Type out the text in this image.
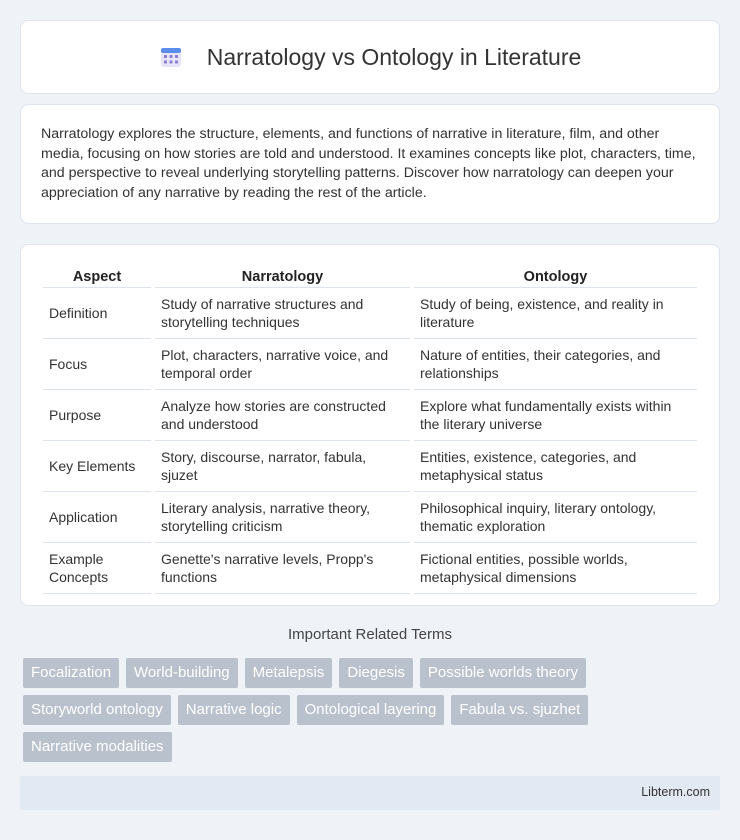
Narratology vs Ontology in Literature

Narratology explores the structure, elements, and functions of narrative in literature, film, and other media, focusing on how stories are told and understood. It examines concepts like plot, characters, time, and perspective to reveal underlying storytelling patterns. Discover how narratology can deepen your appreciation of any narrative by reading the rest of the article.

Aspect	Narratology	Ontology
Definition	Study of narrative structures and storytelling techniques	Study of being, existence, and reality in literature
Focus	Plot, characters, narrative voice, and temporal order	Nature of entities, their categories, and relationships
Purpose	Analyze how stories are constructed and understood	Explore what fundamentally exists within the literary universe
Key Elements	Story, discourse, narrator, fabula, sjuzet	Entities, existence, categories, and metaphysical status
Application	Literary analysis, narrative theory, storytelling criticism	Philosophical inquiry, literary ontology, thematic exploration
Example Concepts	Genette's narrative levels, Propp's functions	Fictional entities, possible worlds, metaphysical dimensions
Important Related Terms
Focalization	World-building	Metalepsis	Diegesis	Possible worlds theory
Storyworld ontology	Narrative logic	Ontological layering	Fabula vs. sjuzhet
Narrative modalities
Libterm.com
